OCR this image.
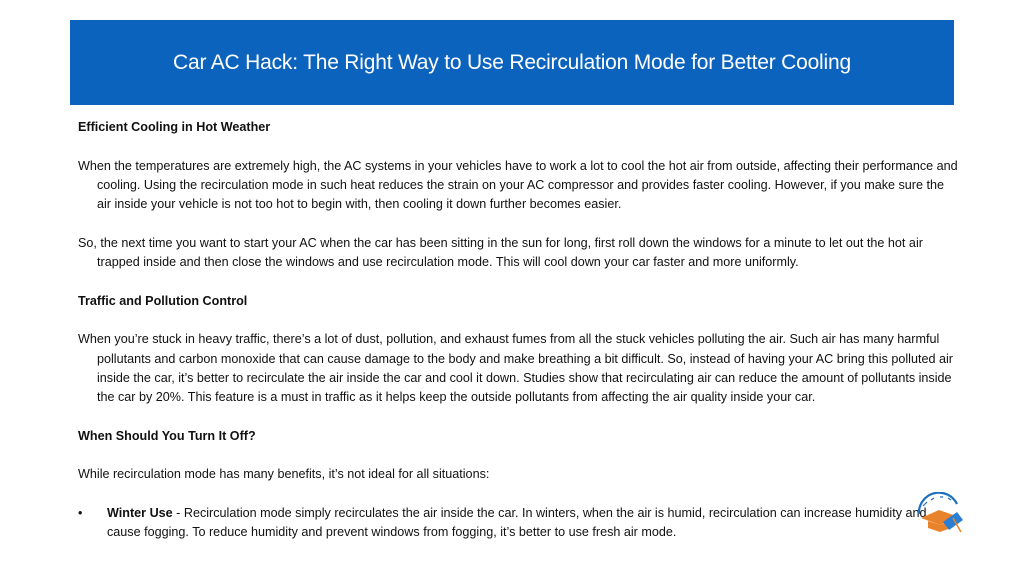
Car AC Hack: The Right Way to Use Recirculation Mode for Better Cooling

Efficient Cooling in Hot Weather

When the temperatures are extremely high, the AC systems in your vehicles have to work a lot to cool the hot air from outside, affecting their performance and cooling. Using the recirculation mode in such heat reduces the strain on your AC compressor and provides faster cooling. However, if you make sure the air inside your vehicle is not too hot to begin with, then cooling it down further becomes easier.

So, the next time you want to start your AC when the car has been sitting in the sun for long, first roll down the windows for a minute to let out the hot air trapped inside and then close the windows and use recirculation mode. This will cool down your car faster and more uniformly.

Traffic and Pollution Control

When you’re stuck in heavy traffic, there’s a lot of dust, pollution, and exhaust fumes from all the stuck vehicles polluting the air. Such air has many harmful pollutants and carbon monoxide that can cause damage to the body and make breathing a bit difficult. So, instead of having your AC bring this polluted air inside the car, it’s better to recirculate the air inside the car and cool it down. Studies show that recirculating air can reduce the amount of pollutants inside the car by 20%. This feature is a must in traffic as it helps keep the outside pollutants from affecting the air quality inside your car.

When Should You Turn It Off?

While recirculation mode has many benefits, it’s not ideal for all situations:

• Winter Use - Recirculation mode simply recirculates the air inside the car. In winters, when the air is humid, recirculation can increase humidity and cause fogging. To reduce humidity and prevent windows from fogging, it’s better to use fresh air mode.
